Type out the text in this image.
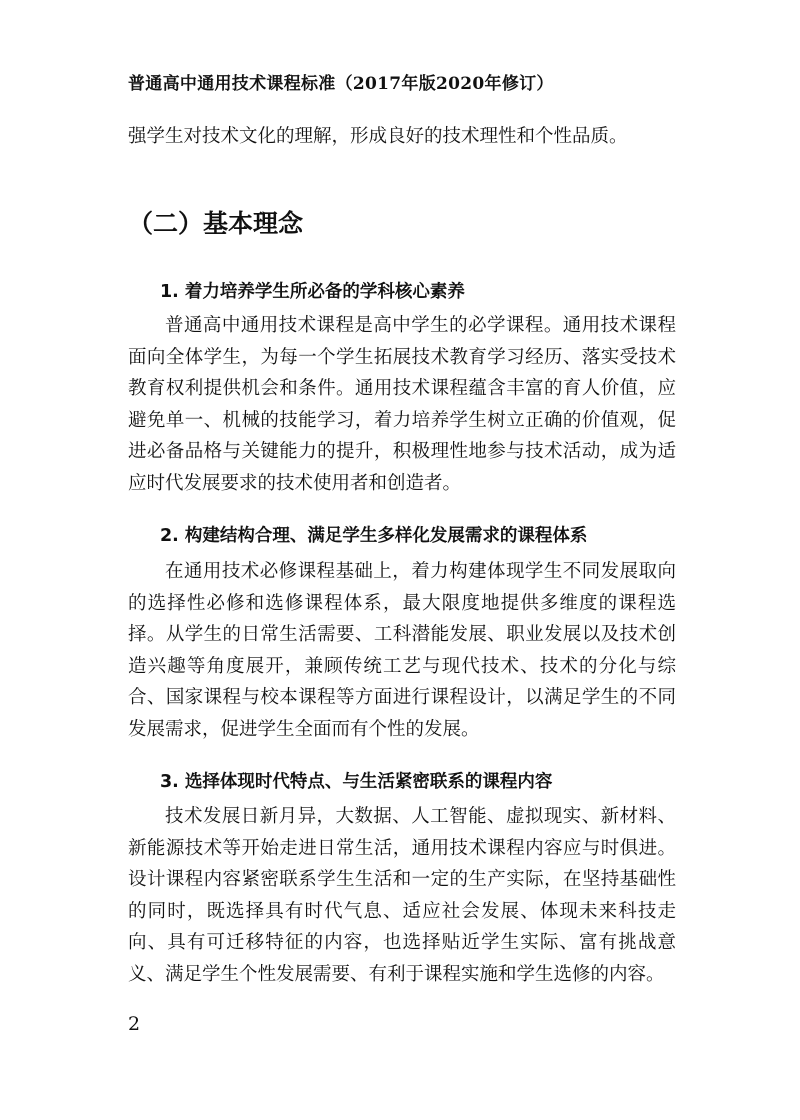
普通高中通用技术课程标准（2017年版2020年修订）

强学生对技术文化的理解，形成良好的技术理性和个性品质。

（二）基本理念
1. 着力培养学生所必备的学科核心素养

普通高中通用技术课程是高中学生的必学课程。通用技术课程面向全体学生，为每一个学生拓展技术教育学习经历、落实受技术教育权利提供机会和条件。通用技术课程蕴含丰富的育人价值，应避免单一、机械的技能学习，着力培养学生树立正确的价值观，促进必备品格与关键能力的提升，积极理性地参与技术活动，成为适应时代发展要求的技术使用者和创造者。

2. 构建结构合理、满足学生多样化发展需求的课程体系

在通用技术必修课程基础上，着力构建体现学生不同发展取向的选择性必修和选修课程体系，最大限度地提供多维度的课程选择。从学生的日常生活需要、工科潜能发展、职业发展以及技术创造兴趣等角度展开，兼顾传统工艺与现代技术、技术的分化与综合、国家课程与校本课程等方面进行课程设计，以满足学生的不同发展需求，促进学生全面而有个性的发展。

3. 选择体现时代特点、与生活紧密联系的课程内容

技术发展日新月异，大数据、人工智能、虚拟现实、新材料、新能源技术等开始走进日常生活，通用技术课程内容应与时俱进。设计课程内容紧密联系学生生活和一定的生产实际，在坚持基础性的同时，既选择具有时代气息、适应社会发展、体现未来科技走向、具有可迁移特征的内容，也选择贴近学生实际、富有挑战意义、满足学生个性发展需要、有利于课程实施和学生选修的内容。

2
